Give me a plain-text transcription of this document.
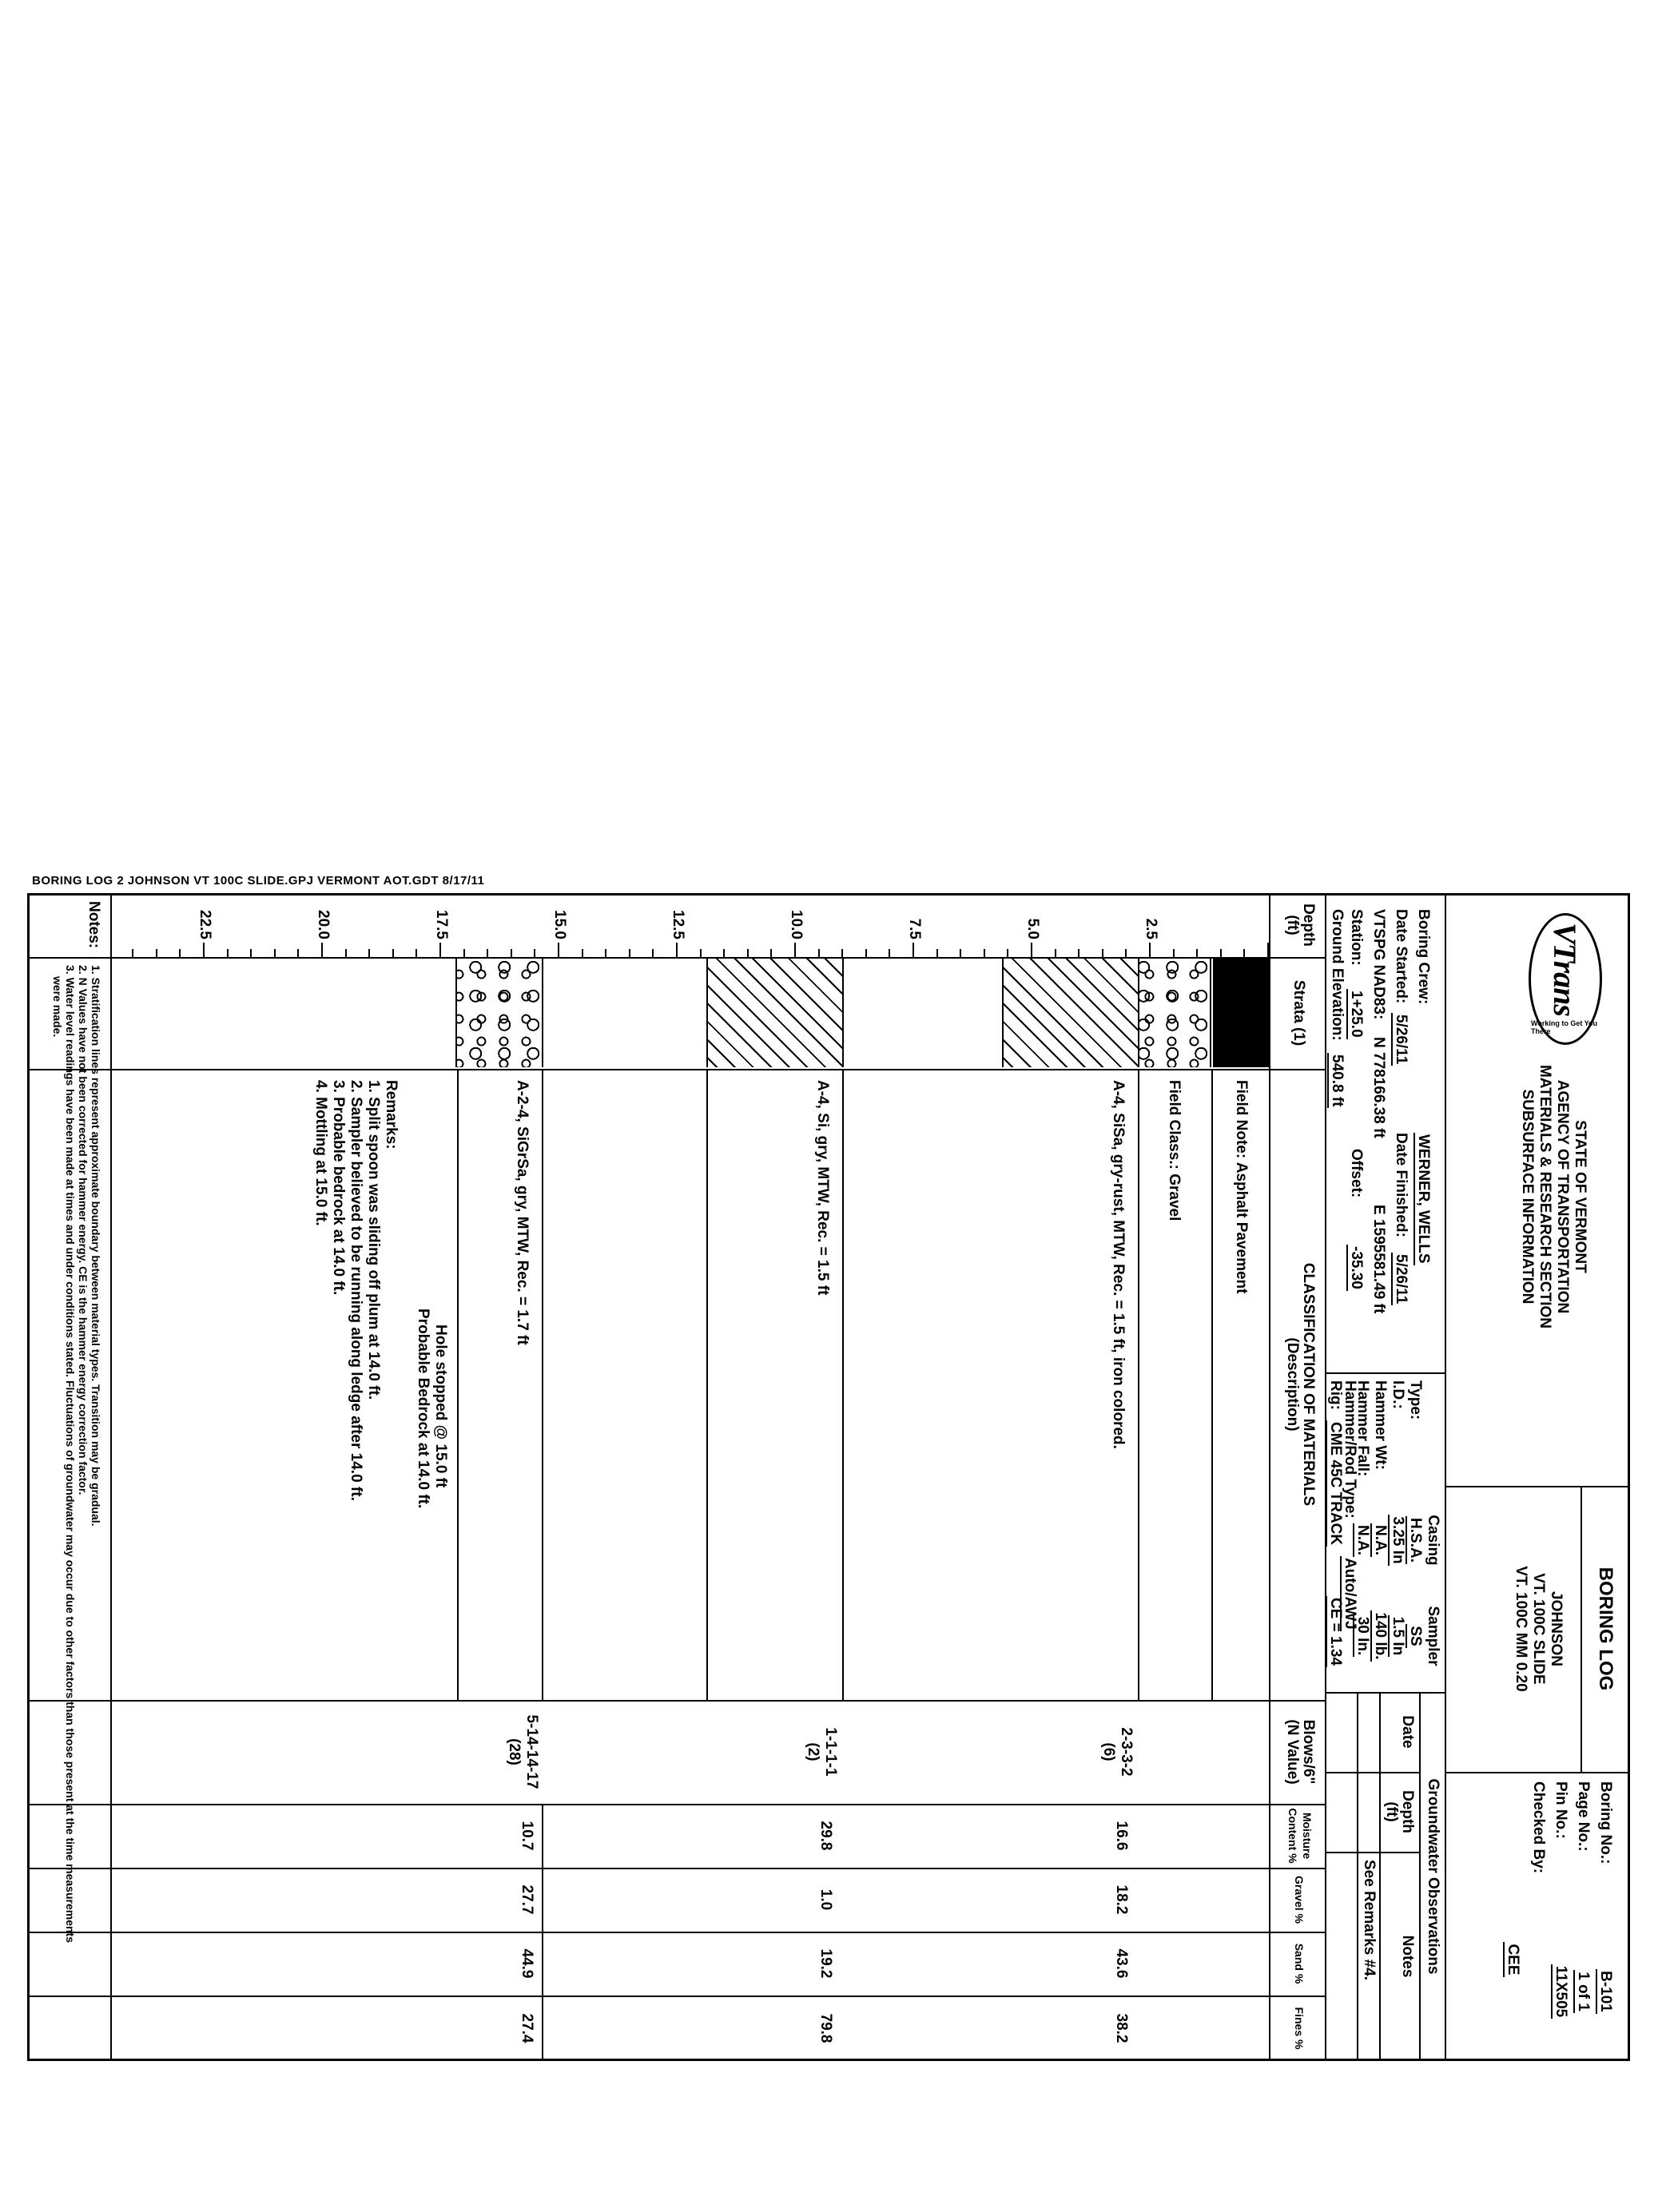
BORING LOG 2 JOHNSON VT 100C SLIDE.GPJ VERMONT AOT.GDT 8/17/11
VTrans
Working to Get You There
STATE OF VERMONT
AGENCY OF TRANSPORTATION
MATERIALS & RESEARCH SECTION
SUBSURFACE INFORMATION
BORING LOG
JOHNSON
VT. 100C SLIDE
VT. 100C MM 0.20
Boring No.:
B-101
Page No.:
1 of 1
Pin No.:
11X505
Checked By:
CEE
Boring Crew:
WERNER, WELLS
Date Started:
5/26/11
Date Finished:
5/26/11
VTSPG NAD83:
N 778166.38 ft
E 1595581.49 ft
Station:
1+25.0
Offset:
-35.30
Ground Elevation:
540.8 ft
Casing
Sampler
Type:
H.S.A.
SS
I.D.:
3.25 In
1.5 In
Hammer Wt:
N.A.
140 lb.
Hammer Fall:
N.A.
30 In.
Hammer/Rod Type:
Auto/AWJ
Rig:
CME 45C TRACK
CE = 1.34
Groundwater Observations
Date
Depth
(ft)
Notes
See Remarks #4.
Depth
(ft)
Strata (1)
CLASSIFICATION OF MATERIALS
(Description)
Blows/6"
(N Value)
Moisture
Content %
Gravel %
Sand %
Fines %
Field Note: Asphalt Pavement
Field Class.: Gravel
A-4, SiSa, gry-rust, MTW, Rec. = 1.5 ft, iron colored.
A-4, Si, gry, MTW, Rec. = 1.5 ft
A-2-4, SiGrSa, gry, MTW, Rec. = 1.7 ft
Hole stopped @ 15.0 ft
Probable Bedrock at 14.0 ft.
Remarks:
1. Split spoon was sliding off plum at 14.0 ft.
2. Sampler believed to be running along ledge after 14.0 ft.
3. Probable bedrock at 14.0 ft.
4. Mottling at 15.0 ft.
2-3-3-2
(6)
16.6
18.2
43.6
38.2
1-1-1-1
(2)
29.8
1.0
19.2
79.8
5-14-14-17
(28)
10.7
27.7
44.9
27.4
Notes:
1. Stratification lines represent approximate boundary between material types. Transition may be gradual.
2. N Values have not been corrected for hammer energy. CE is the hammer energy correction factor.
3. Water level readings have been made at times and under conditions stated. Fluctuations of groundwater may occur due to other factors than those present at the time measurements
were made.
2.5
5.0
7.5
10.0
12.5
15.0
17.5
20.0
22.5
